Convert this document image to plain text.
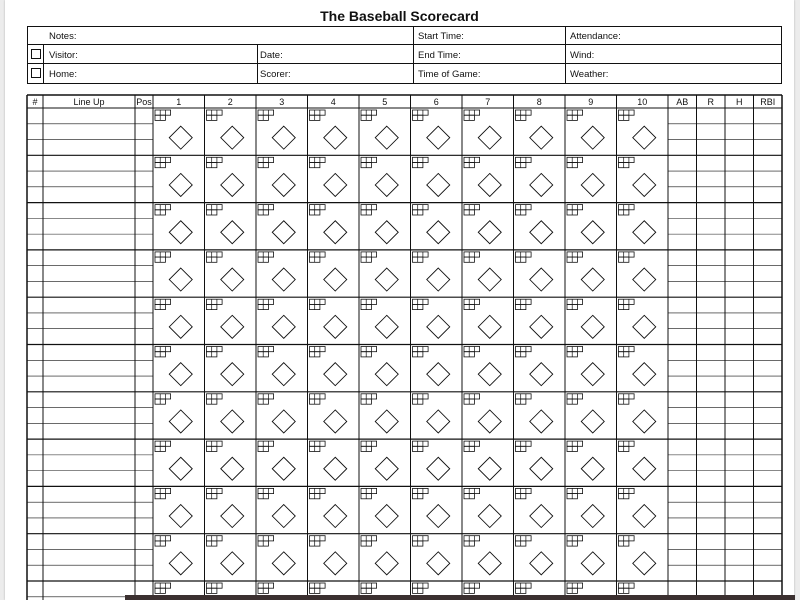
The Baseball Scorecard
Notes:	Start Time:	Attendance:
Visitor:	Date:	End Time:	Wind:
Home:	Scorer:	Time of Game:	Weather:
#	Line Up	Pos	1	2	3	4	5	6	7	8	9	10	AB	R	H	RBI
